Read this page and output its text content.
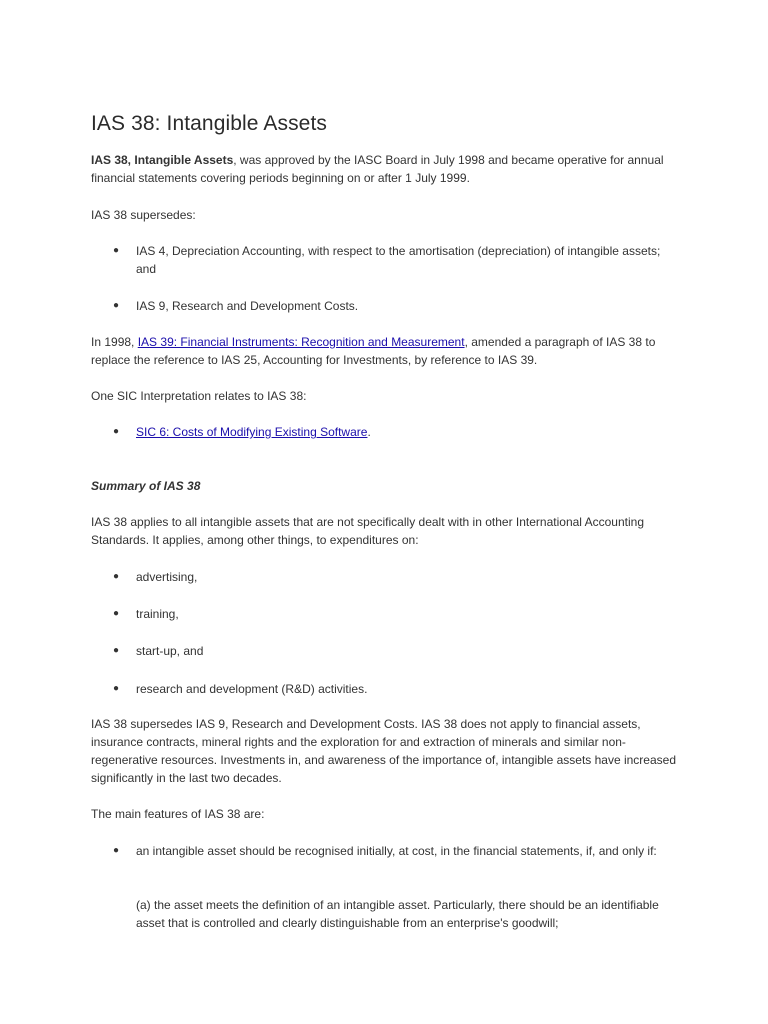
IAS 38: Intangible Assets

IAS 38, Intangible Assets, was approved by the IASC Board in July 1998 and became operative for annual financial statements covering periods beginning on or after 1 July 1999.

IAS 38 supersedes:

● IAS 4, Depreciation Accounting, with respect to the amortisation (depreciation) of intangible assets; and
● IAS 9, Research and Development Costs.

In 1998, IAS 39: Financial Instruments: Recognition and Measurement, amended a paragraph of IAS 38 to replace the reference to IAS 25, Accounting for Investments, by reference to IAS 39.

One SIC Interpretation relates to IAS 38:

● SIC 6: Costs of Modifying Existing Software.

Summary of IAS 38

IAS 38 applies to all intangible assets that are not specifically dealt with in other International Accounting Standards. It applies, among other things, to expenditures on:

● advertising,
● training,
● start-up, and
● research and development (R&D) activities.

IAS 38 supersedes IAS 9, Research and Development Costs. IAS 38 does not apply to financial assets, insurance contracts, mineral rights and the exploration for and extraction of minerals and similar non-regenerative resources. Investments in, and awareness of the importance of, intangible assets have increased significantly in the last two decades.

The main features of IAS 38 are:

● an intangible asset should be recognised initially, at cost, in the financial statements, if, and only if:

(a) the asset meets the definition of an intangible asset. Particularly, there should be an identifiable asset that is controlled and clearly distinguishable from an enterprise's goodwill;
